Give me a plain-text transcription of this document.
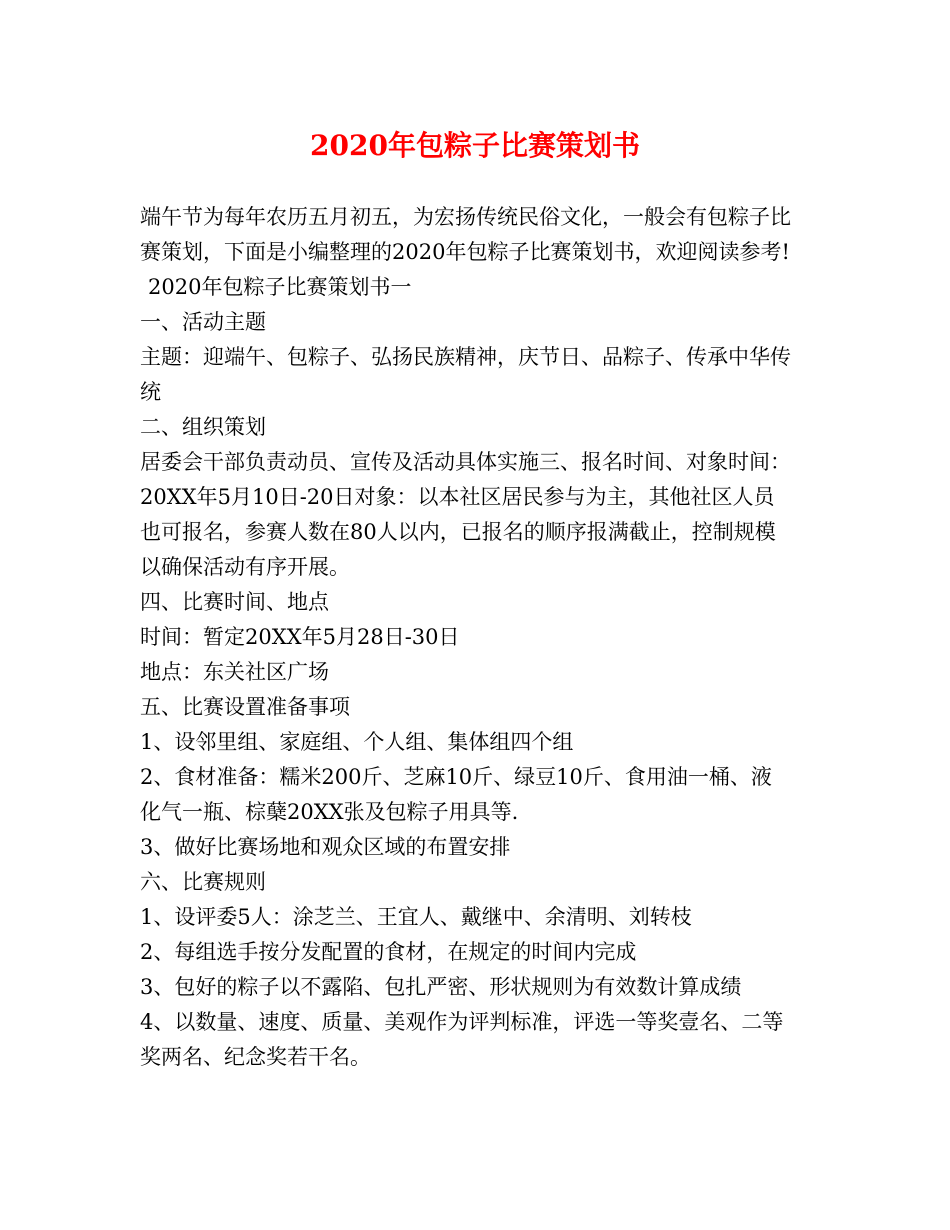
2020年包粽子比赛策划书
端午节为每年农历五月初五，为宏扬传统民俗文化，一般会有包粽子比
赛策划，下面是小编整理的2020年包粽子比赛策划书，欢迎阅读参考!
2020年包粽子比赛策划书一
一、活动主题
主题：迎端午、包粽子、弘扬民族精神，庆节日、品粽子、传承中华传
统
二、组织策划
居委会干部负责动员、宣传及活动具体实施三、报名时间、对象时间：
20XX年5月10日-20日对象：以本社区居民参与为主，其他社区人员
也可报名，参赛人数在80人以内，已报名的顺序报满截止，控制规模
以确保活动有序开展。
四、比赛时间、地点
时间：暂定20XX年5月28日-30日
地点：东关社区广场
五、比赛设置准备事项
1、设邻里组、家庭组、个人组、集体组四个组
2、食材准备：糯米200斤、芝麻10斤、绿豆10斤、食用油一桶、液
化气一瓶、棕蘖20XX张及包粽子用具等.
3、做好比赛场地和观众区域的布置安排
六、比赛规则
1、设评委5人：涂芝兰、王宜人、戴继中、余清明、刘转枝
2、每组选手按分发配置的食材，在规定的时间内完成
3、包好的粽子以不露陷、包扎严密、形状规则为有效数计算成绩
4、以数量、速度、质量、美观作为评判标准，评选一等奖壹名、二等
奖两名、纪念奖若干名。
